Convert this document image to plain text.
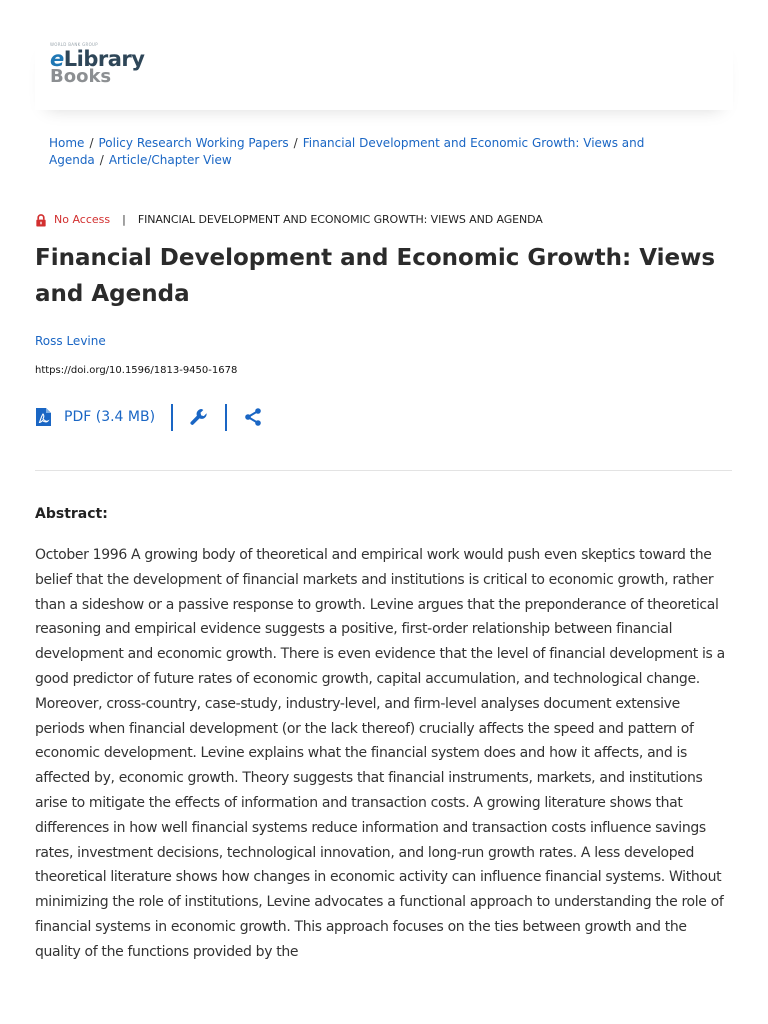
WORLD BANK GROUP
eLibrary
Books
Home / Policy Research Working Papers / Financial Development and Economic Growth: Views and Agenda / Article/Chapter View
No Access | FINANCIAL DEVELOPMENT AND ECONOMIC GROWTH: VIEWS AND AGENDA
Financial Development and Economic Growth: Views and Agenda
Ross Levine
https://doi.org/10.1596/1813-9450-1678
PDF (3.4 MB)
Abstract:

October 1996 A growing body of theoretical and empirical work would push even skeptics toward the belief that the development of financial markets and institutions is critical to economic growth, rather than a sideshow or a passive response to growth. Levine argues that the preponderance of theoretical reasoning and empirical evidence suggests a positive, first-order relationship between financial development and economic growth. There is even evidence that the level of financial development is a good predictor of future rates of economic growth, capital accumulation, and technological change. Moreover, cross-country, case-study, industry-level, and firm-level analyses document extensive periods when financial development (or the lack thereof) crucially affects the speed and pattern of economic development. Levine explains what the financial system does and how it affects, and is affected by, economic growth. Theory suggests that financial instruments, markets, and institutions arise to mitigate the effects of information and transaction costs. A growing literature shows that differences in how well financial systems reduce information and transaction costs influence savings rates, investment decisions, technological innovation, and long-run growth rates. A less developed theoretical literature shows how changes in economic activity can influence financial systems. Without minimizing the role of institutions, Levine advocates a functional approach to understanding the role of financial systems in economic growth. This approach focuses on the ties between growth and the quality of the functions provided by the
